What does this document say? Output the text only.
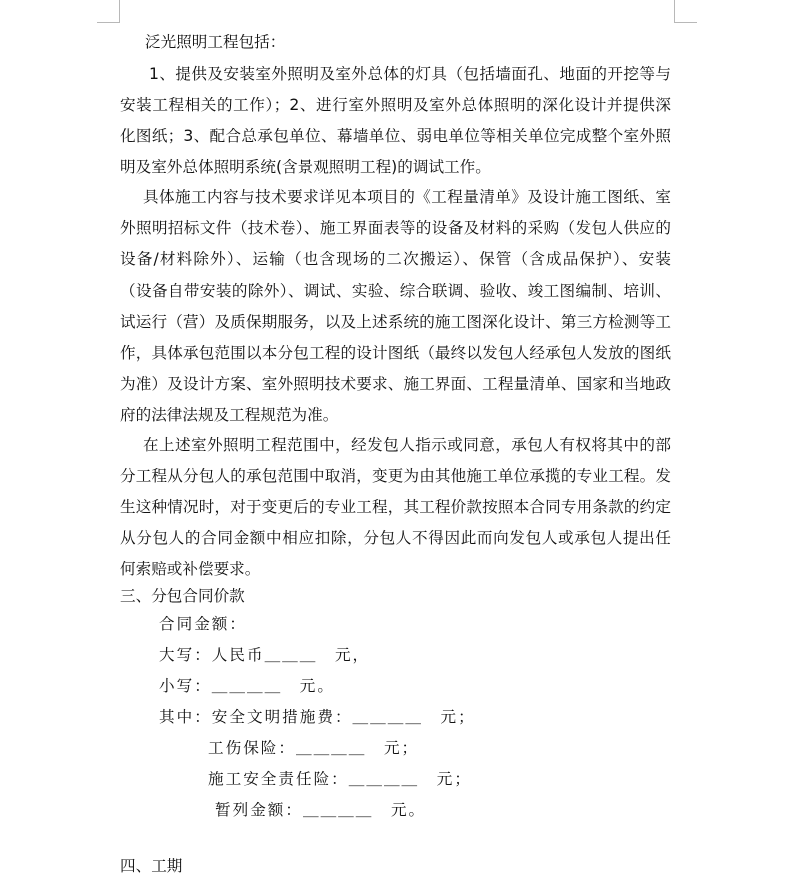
泛光照明工程包括：
1、提供及安装室外照明及室外总体的灯具（包括墙面孔、地面的开挖等与
安装工程相关的工作）；2、进行室外照明及室外总体照明的深化设计并提供深
化图纸；3、配合总承包单位、幕墙单位、弱电单位等相关单位完成整个室外照
明及室外总体照明系统(含景观照明工程)的调试工作。
具体施工内容与技术要求详见本项目的《工程量清单》及设计施工图纸、室
外照明招标文件（技术卷）、施工界面表等的设备及材料的采购（发包人供应的
设备/材料除外）、运输（也含现场的二次搬运）、保管（含成品保护）、安装
（设备自带安装的除外）、调试、实验、综合联调、验收、竣工图编制、培训、
试运行（营）及质保期服务，以及上述系统的施工图深化设计、第三方检测等工
作，具体承包范围以本分包工程的设计图纸（最终以发包人经承包人发放的图纸
为准）及设计方案、室外照明技术要求、施工界面、工程量清单、国家和当地政
府的法律法规及工程规范为准。
在上述室外照明工程范围中，经发包人指示或同意，承包人有权将其中的部
分工程从分包人的承包范围中取消，变更为由其他施工单位承揽的专业工程。发
生这种情况时，对于变更后的专业工程，其工程价款按照本合同专用条款的约定
从分包人的合同金额中相应扣除，分包人不得因此而向发包人或承包人提出任
何索赔或补偿要求。
三、分包合同价款
合同金额：
大写：人民币＿＿＿　元，
小写：＿＿＿＿　元。
其中：安全文明措施费：＿＿＿＿　元；
工伤保险：＿＿＿＿　元；
施工安全责任险：＿＿＿＿　元；
暂列金额：＿＿＿＿　元。
四、工期
